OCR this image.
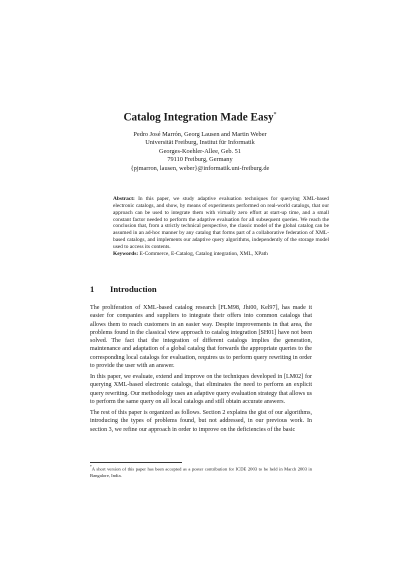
Catalog Integration Made Easy*
Pedro José Marrón, Georg Lausen and Martin Weber
Universität Freiburg, Institut für Informatik
Georges-Koehler-Allee, Geb. 51
79110 Freiburg, Germany
{pjmarron, lausen, weber}@informatik.uni-freiburg.de
Abstract: In this paper, we study adaptive evaluation techniques for querying XML-based electronic catalogs, and show, by means of experiments performed on real-world catalogs, that our approach can be used to integrate them with virtually zero effort at start-up time, and a small constant factor needed to perform the adaptive evaluation for all subsequent queries. We reach the conclusion that, from a strictly technical perspective, the classic model of the global catalog can be assumed in an ad-hoc manner by any catalog that forms part of a collaborative federation of XML-based catalogs, and implements our adaptive query algorithms, independently of the storage model used to access its contents.
Keywords: E-Commerce, E-Catalog, Catalog integration, XML, XPath
1 Introduction

The proliferation of XML-based catalog research [FLM98, Jhi00, Kel97], has made it easier for companies and suppliers to integrate their offers into common catalogs that allows them to reach customers in an easier way. Despite improvements in that area, the problems found in the classical view approach to catalog integration [SH01] have not been solved. The fact that the integration of different catalogs implies the generation, maintenance and adaptation of a global catalog that forwards the appropriate queries to the corresponding local catalogs for evaluation, requires us to perform query rewriting in order to provide the user with an answer.

In this paper, we evaluate, extend and improve on the techniques developed in [LM02] for querying XML-based electronic catalogs, that eliminates the need to perform an explicit query rewriting. Our methodology uses an adaptive query evaluation strategy that allows us to perform the same query on all local catalogs and still obtain accurate answers.

The rest of this paper is organized as follows. Section 2 explains the gist of our algorithms, introducing the types of problems found, but not addressed, in our previous work. In section 3, we refine our approach in order to improve on the deficiencies of the basic

*A short version of this paper has been accepted as a poster contribution for ICDE 2003 to be held in March 2003 in Bangalore, India.
